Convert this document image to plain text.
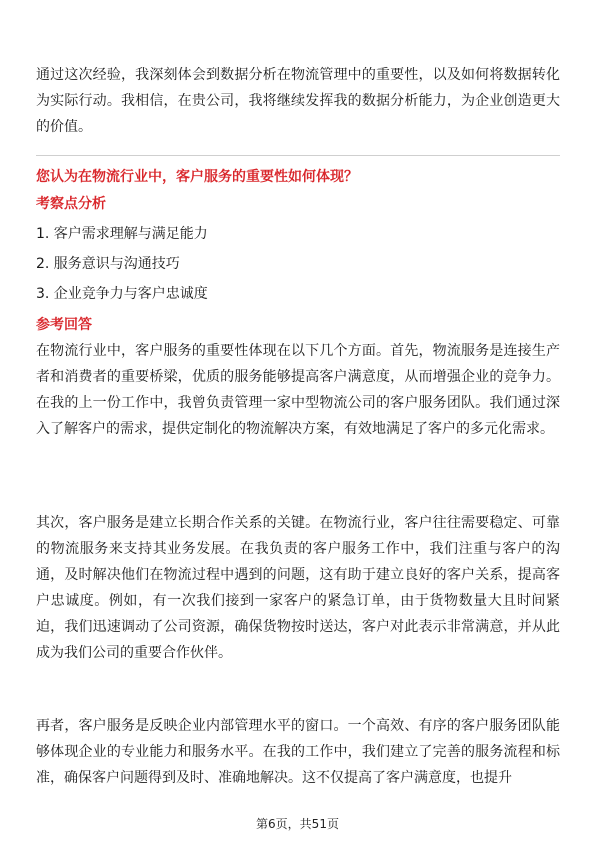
通过这次经验，我深刻体会到数据分析在物流管理中的重要性，以及如何将数据转化为实际行动。我相信，在贵公司，我将继续发挥我的数据分析能力，为企业创造更大的价值。

您认为在物流行业中，客户服务的重要性如何体现？

考察点分析

1. 客户需求理解与满足能力

2. 服务意识与沟通技巧

3. 企业竞争力与客户忠诚度

参考回答

在物流行业中，客户服务的重要性体现在以下几个方面。首先，物流服务是连接生产者和消费者的重要桥梁，优质的服务能够提高客户满意度，从而增强企业的竞争力。在我的上一份工作中，我曾负责管理一家中型物流公司的客户服务团队。我们通过深入了解客户的需求，提供定制化的物流解决方案，有效地满足了客户的多元化需求。

其次，客户服务是建立长期合作关系的关键。在物流行业，客户往往需要稳定、可靠的物流服务来支持其业务发展。在我负责的客户服务工作中，我们注重与客户的沟通，及时解决他们在物流过程中遇到的问题，这有助于建立良好的客户关系，提高客户忠诚度。例如，有一次我们接到一家客户的紧急订单，由于货物数量大且时间紧迫，我们迅速调动了公司资源，确保货物按时送达，客户对此表示非常满意，并从此成为我们公司的重要合作伙伴。

再者，客户服务是反映企业内部管理水平的窗口。一个高效、有序的客户服务团队能够体现企业的专业能力和服务水平。在我的工作中，我们建立了完善的服务流程和标准，确保客户问题得到及时、准确地解决。这不仅提高了客户满意度，也提升

第6页，共51页
